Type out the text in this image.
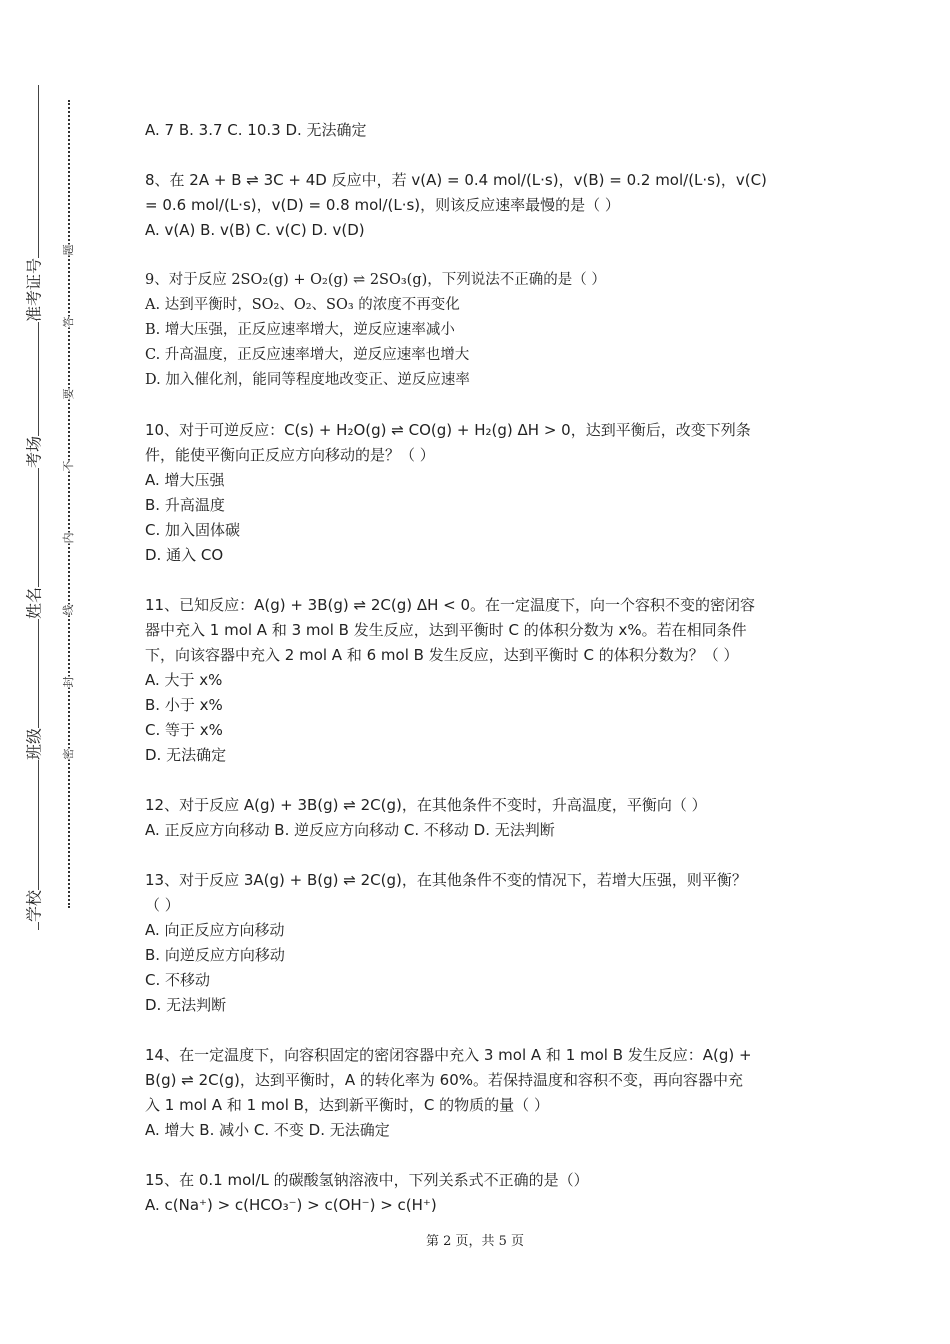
准考证号
考场
姓名
班级
学校
题
答
要
不
内
线
封
密

A. 7 B. 3.7 C. 10.3 D. 无法确定

8、在 2A + B ⇌ 3C + 4D 反应中，若 v(A) = 0.4 mol/(L·s)，v(B) = 0.2 mol/(L·s)，v(C)

= 0.6 mol/(L·s)，v(D) = 0.8 mol/(L·s)，则该反应速率最慢的是（ ）

A. v(A) B. v(B) C. v(C) D. v(D)

9、对于反应 2SO₂(g) + O₂(g) ⇌ 2SO₃(g)，下列说法不正确的是（ ）

A. 达到平衡时，SO₂、O₂、SO₃ 的浓度不再变化

B. 增大压强，正反应速率增大，逆反应速率减小

C. 升高温度，正反应速率增大，逆反应速率也增大

D. 加入催化剂，能同等程度地改变正、逆反应速率

10、对于可逆反应：C(s) + H₂O(g) ⇌ CO(g) + H₂(g) ΔH > 0，达到平衡后，改变下列条

件，能使平衡向正反应方向移动的是？（ ）

A. 增大压强

B. 升高温度

C. 加入固体碳

D. 通入 CO

11、已知反应：A(g) + 3B(g) ⇌ 2C(g) ΔH < 0。在一定温度下，向一个容积不变的密闭容

器中充入 1 mol A 和 3 mol B 发生反应，达到平衡时 C 的体积分数为 x%。若在相同条件

下，向该容器中充入 2 mol A 和 6 mol B 发生反应，达到平衡时 C 的体积分数为？（ ）

A. 大于 x%

B. 小于 x%

C. 等于 x%

D. 无法确定

12、对于反应 A(g) + 3B(g) ⇌ 2C(g)，在其他条件不变时，升高温度，平衡向（ ）

A. 正反应方向移动 B. 逆反应方向移动 C. 不移动 D. 无法判断

13、对于反应 3A(g) + B(g) ⇌ 2C(g)，在其他条件不变的情况下，若增大压强，则平衡？

（ ）

A. 向正反应方向移动

B. 向逆反应方向移动

C. 不移动

D. 无法判断

14、在一定温度下，向容积固定的密闭容器中充入 3 mol A 和 1 mol B 发生反应：A(g) +

B(g) ⇌ 2C(g)，达到平衡时，A 的转化率为 60%。若保持温度和容积不变，再向容器中充

入 1 mol A 和 1 mol B，达到新平衡时，C 的物质的量（ ）

A. 增大 B. 减小 C. 不变 D. 无法确定

15、在 0.1 mol/L 的碳酸氢钠溶液中，下列关系式不正确的是（）

A. c(Na⁺) > c(HCO₃⁻) > c(OH⁻) > c(H⁺)

第 2 页，共 5 页
